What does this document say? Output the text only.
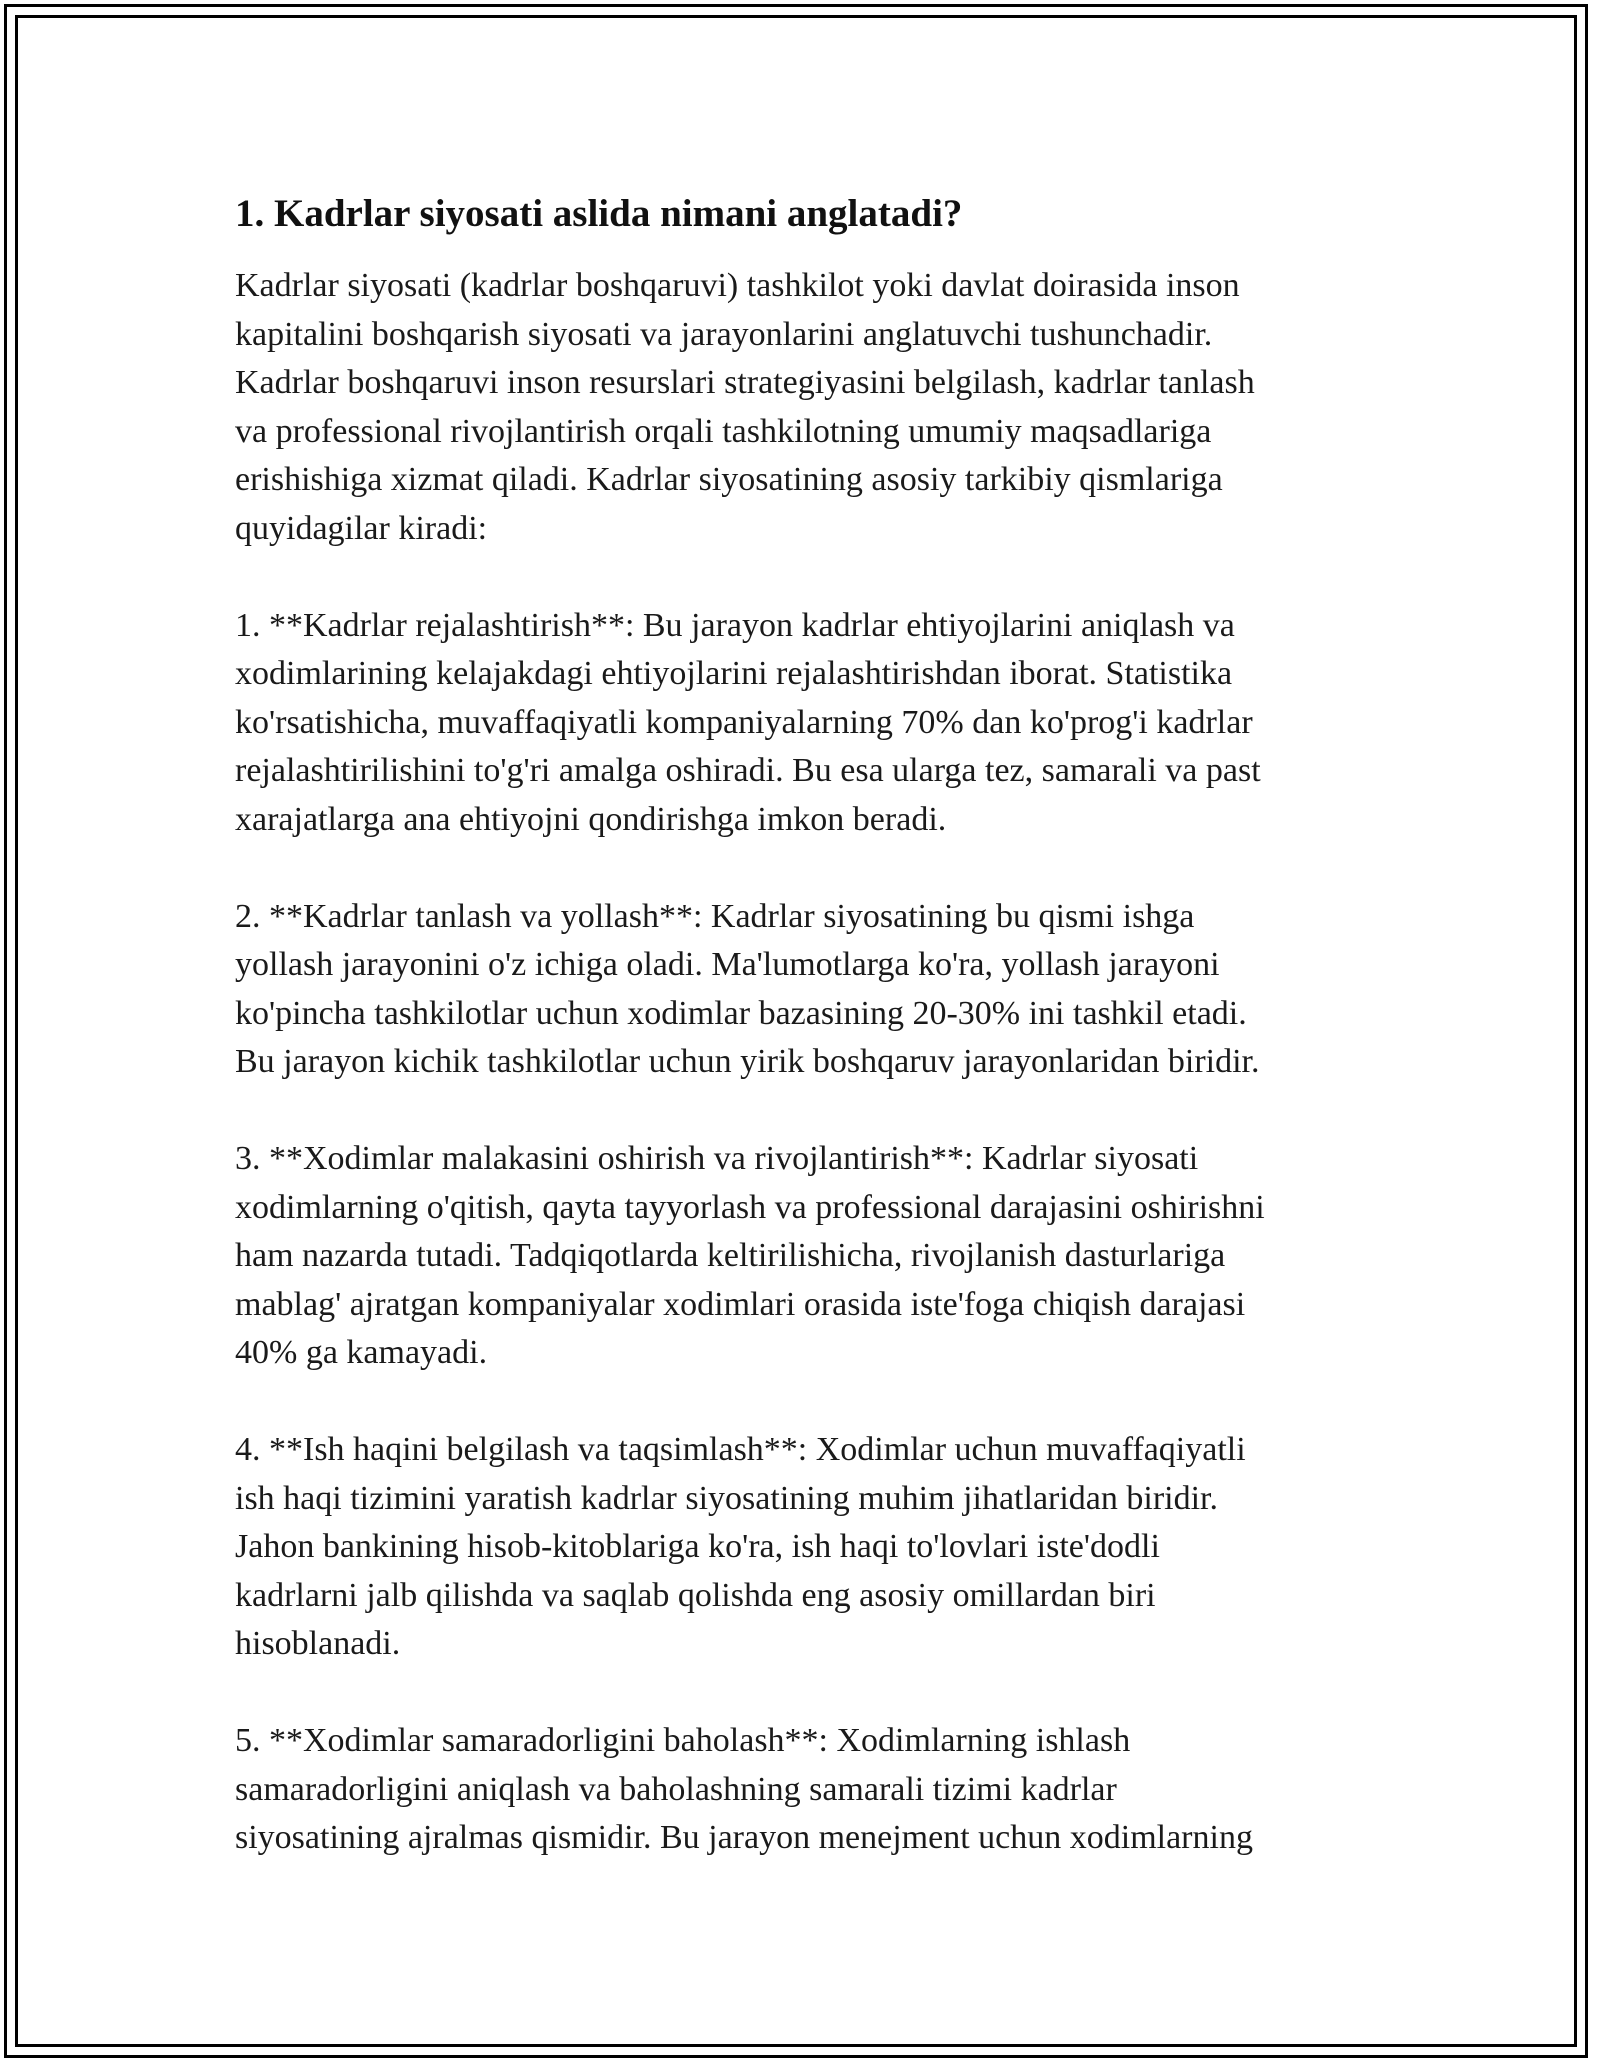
1. Kadrlar siyosati aslida nimani anglatadi?

Kadrlar siyosati (kadrlar boshqaruvi) tashkilot yoki davlat doirasida inson
kapitalini boshqarish siyosati va jarayonlarini anglatuvchi tushunchadir.
Kadrlar boshqaruvi inson resurslari strategiyasini belgilash, kadrlar tanlash
va professional rivojlantirish orqali tashkilotning umumiy maqsadlariga
erishishiga xizmat qiladi. Kadrlar siyosatining asosiy tarkibiy qismlariga
quyidagilar kiradi:

1. **Kadrlar rejalashtirish**: Bu jarayon kadrlar ehtiyojlarini aniqlash va
xodimlarining kelajakdagi ehtiyojlarini rejalashtirishdan iborat. Statistika
ko'rsatishicha, muvaffaqiyatli kompaniyalarning 70% dan ko'prog'i kadrlar
rejalashtirilishini to'g'ri amalga oshiradi. Bu esa ularga tez, samarali va past
xarajatlarga ana ehtiyojni qondirishga imkon beradi.

2. **Kadrlar tanlash va yollash**: Kadrlar siyosatining bu qismi ishga
yollash jarayonini o'z ichiga oladi. Ma'lumotlarga ko'ra, yollash jarayoni
ko'pincha tashkilotlar uchun xodimlar bazasining 20-30% ini tashkil etadi.
Bu jarayon kichik tashkilotlar uchun yirik boshqaruv jarayonlaridan biridir.

3. **Xodimlar malakasini oshirish va rivojlantirish**: Kadrlar siyosati
xodimlarning o'qitish, qayta tayyorlash va professional darajasini oshirishni
ham nazarda tutadi. Tadqiqotlarda keltirilishicha, rivojlanish dasturlariga
mablag' ajratgan kompaniyalar xodimlari orasida iste'foga chiqish darajasi
40% ga kamayadi.

4. **Ish haqini belgilash va taqsimlash**: Xodimlar uchun muvaffaqiyatli
ish haqi tizimini yaratish kadrlar siyosatining muhim jihatlaridan biridir.
Jahon bankining hisob-kitoblariga ko'ra, ish haqi to'lovlari iste'dodli
kadrlarni jalb qilishda va saqlab qolishda eng asosiy omillardan biri
hisoblanadi.

5. **Xodimlar samaradorligini baholash**: Xodimlarning ishlash
samaradorligini aniqlash va baholashning samarali tizimi kadrlar
siyosatining ajralmas qismidir. Bu jarayon menejment uchun xodimlarning
